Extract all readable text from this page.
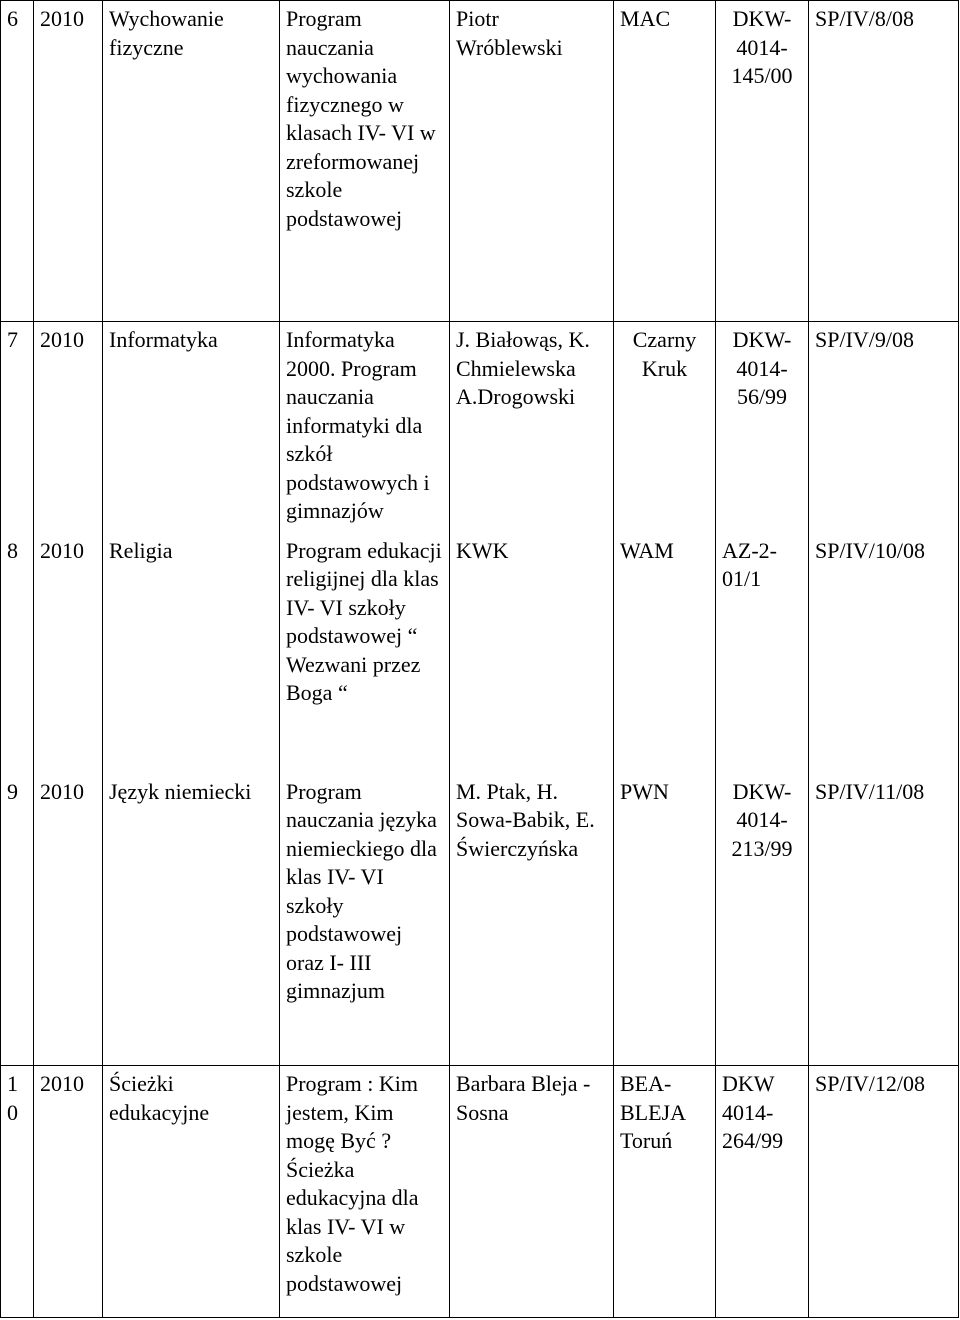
6	2010	Wychowanie fizyczne	Program nauczania wychowania fizycznego w klasach IV- VI w zreformowanej szkole podstawowej	Piotr Wróblewski	MAC	DKW-
4014-
145/00	SP/IV/8/08
7	2010	Informatyka	Informatyka 2000. Program nauczania informatyki dla szkół podstawowych i gimnazjów	J. Białowąs, K. Chmielewska A.Drogowski	Czarny Kruk	DKW-
4014-
56/99	SP/IV/9/08
8	2010	Religia	Program edukacji religijnej dla klas IV- VI szkoły podstawowej “ Wezwani przez Boga “	KWK	WAM	AZ-2-
01/1	SP/IV/10/08
9	2010	Język niemiecki	Program nauczania języka niemieckiego dla klas IV- VI szkoły podstawowej oraz I- III gimnazjum	M. Ptak, H. Sowa-Babik, E. Świerczyńska	PWN	DKW-
4014-
213/99	SP/IV/11/08
10	2010	Ścieżki edukacyjne	Program : Kim jestem, Kim mogę Być ? Ścieżka edukacyjna dla klas IV- VI w szkole podstawowej	Barbara Bleja - Sosna	BEA-
BLEJA
Toruń	DKW
4014-
264/99	SP/IV/12/08
